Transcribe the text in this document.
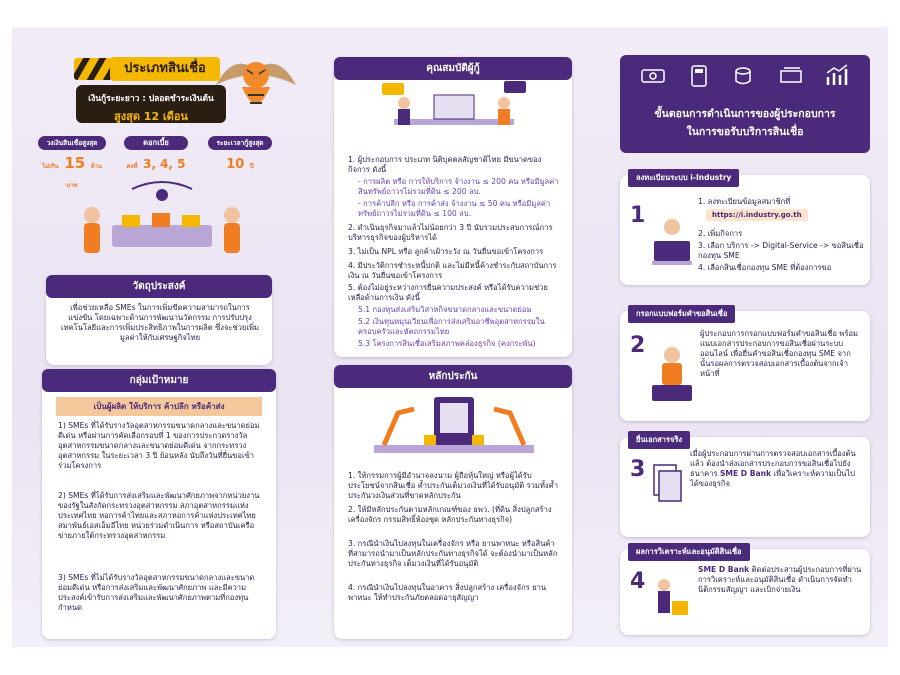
ประเภทสินเชื่อ
เงินกู้ระยะยาว : ปลอดชำระเงินต้น
สูงสุด 12 เดือน
วงเงินสินเชื่อสูงสุด
ไม่เกิน 15 ล้านบาท
ดอกเบี้ย
คงที่ 3, 4, 5
ระยะเวลากู้สูงสุด
10 ปี
วัตถุประสงค์
เพื่อช่วยเหลือ SMEs ในการเพิ่มขีดความสามารถในการแข่งขัน โดยเฉพาะด้านการพัฒนานวัตกรรม การปรับปรุงเทคโนโลยีและการเพิ่มประสิทธิภาพในการผลิต ซึ่งจะช่วยเพิ่มมูลค่าให้กับเศรษฐกิจไทย
กลุ่มเป้าหมาย
เป็นผู้ผลิต ให้บริการ ค้าปลีก หรือค้าส่ง
1) SMEs ที่ได้รับรางวัลอุตสาหกรรมขนาดกลางและขนาดย่อมดีเด่น หรือผ่านการคัดเลือกรอบที่ 1 ของการประกวดรางวัลอุตสาหกรรมขนาดกลางและขนาดย่อมดีเด่น จากกระทรวงอุตสาหกรรม ในระยะเวลา 3 ปี ย้อนหลัง นับถึงวันที่ยื่นขอเข้าร่วมโครงการ
2) SMEs ที่ได้รับการส่งเสริมและพัฒนาศักยภาพจากหน่วยงานของรัฐในสังกัดกระทรวงอุตสาหกรรม สภาอุตสาหกรรมแห่งประเทศไทย หอการค้าไทยและสภาหอการค้าแห่งประเทศไทย สมาพันธ์เอสเอ็มอีไทย หน่วยร่วมดำเนินการ หรือสถาบันเครือข่ายภายใต้กระทรวงอุตสาหกรรม
3) SMEs ที่ไม่ได้รับรางวัลอุตสาหกรรมขนาดกลางและขนาดย่อมดีเด่น หรือการส่งเสริมและพัฒนาศักยภาพ และมีความประสงค์เข้ารับการส่งเสริมและพัฒนาศักยภาพตามที่กองทุนกำหนด
คุณสมบัติผู้กู้
1. ผู้ประกอบการ ประเภท นิติบุคคลสัญชาติไทย มีขนาดของกิจการ ดังนี้
- การผลิต หรือ การให้บริการ จ้างงาน ≤ 200 คน หรือมีมูลค่าสินทรัพย์ถาวรไม่รวมที่ดิน ≤ 200 ลบ.
- การค้าปลีก หรือ การค้าส่ง จ้างงาน ≤ 50 คน หรือมีมูลค่าทรัพย์ถาวรไม่รวมที่ดิน ≤ 100 ลบ.
2. ดำเนินธุรกิจมาแล้วไม่น้อยกว่า 3 ปี นับรวมประสบการณ์การบริหารธุรกิจของผู้บริหารได้
3. ไม่เป็น NPL หรือ ลูกค้าเฝ้าระวัง ณ วันยื่นขอเข้าโครงการ
4. มีประวัติการชำระหนี้ปกติ และไม่มีหนี้ค้างชำระกับสถาบันการเงิน ณ วันยื่นขอเข้าโครงการ
5. ต้องไม่อยู่ระหว่างการยื่นความประสงค์ หรือได้รับความช่วยเหลือด้านการเงิน ดังนี้
5.1 กองทุนส่งเสริมวิสาหกิจขนาดกลางและขนาดย่อม
5.2 เงินทุนหมุนเวียนเพื่อการส่งเสริมอาชีพอุตสาหกรรมในครอบครัวและหัตถกรรมไทย
5.3 โครงการสินเชื่อเสริมสภาพคล่องธุรกิจ (คงกระพัน)
หลักประกัน
1. ให้กรรมการผู้มีอำนาจลงนาม ผู้ถือหุ้นใหญ่ หรือผู้ได้รับประโยชน์จากสินเชื่อ ค้ำประกันเต็มวงเงินที่ได้รับอนุมัติ รวมทั้งค้ำประกันวงเงินส่วนที่ขาดหลักประกัน
2. ให้มีหลักประกันตามหลักเกณฑ์ของ ธพว. (ที่ดิน สิ่งปลูกสร้าง เครื่องจักร กรรมสิทธิ์ห้องชุด หลักประกันทางธุรกิจ)
3. กรณีนำเงินไปลงทุนในเครื่องจักร หรือ ยานพาหนะ หรือสินค้า ที่สามารถนำมาเป็นหลักประกันทางธุรกิจได้ จะต้องนำมาเป็นหลักประกันทางธุรกิจ เต็มวงเงินที่ได้รับอนุมัติ
4. กรณีนำเงินไปลงทุนในอาคาร สิ่งปลูกสร้าง เครื่องจักร ยานพาหนะ ให้ทำประกันภัยตลอดอายุสัญญา
ขั้นตอนการดำเนินการของผู้ประกอบการ
ในการขอรับบริการสินเชื่อ
ลงทะเบียนระบบ i-Industry
1
1. ลงทะเบียนข้อมูลสมาชิกที่
https://i.industry.go.th
2. เพิ่มกิจการ
3. เลือก บริการ -> Digital-Service -> ขอสินเชื่อกองทุน SME
4. เลือกสินเชื่อกองทุน SME ที่ต้องการขอ
กรอกแบบฟอร์มคำขอสินเชื่อ
2	ผู้ประกอบการกรอกแบบฟอร์มคำขอสินเชื่อ พร้อมแนบเอกสารประกอบการขอสินเชื่อผ่านระบบออนไลน์ เพื่อยื่นคำขอสินเชื่อกองทุน SME จากนั้นรอผลการตรวจสอบเอกสารเบื้องต้นจากเจ้าหน้าที่
ยื่นเอกสารจริง
3
เมื่อผู้ประกอบการผ่านการตรวจสอบเอกสารเบื้องต้นแล้ว ต้องนำส่งเอกสารประกอบการขอสินเชื่อไปยังธนาคาร SME D Bank เพื่อวิเคราะห์ความเป็นไปได้ของธุรกิจ
ผลการวิเคราะห์และอนุมัติสินเชื่อ
4	SME D Bank ติดต่อประสานผู้ประกอบการที่ผ่านการวิเคราะห์และอนุมัติสินเชื่อ ดำเนินการจัดทำนิติกรรมสัญญา และเบิกจ่ายเงิน
